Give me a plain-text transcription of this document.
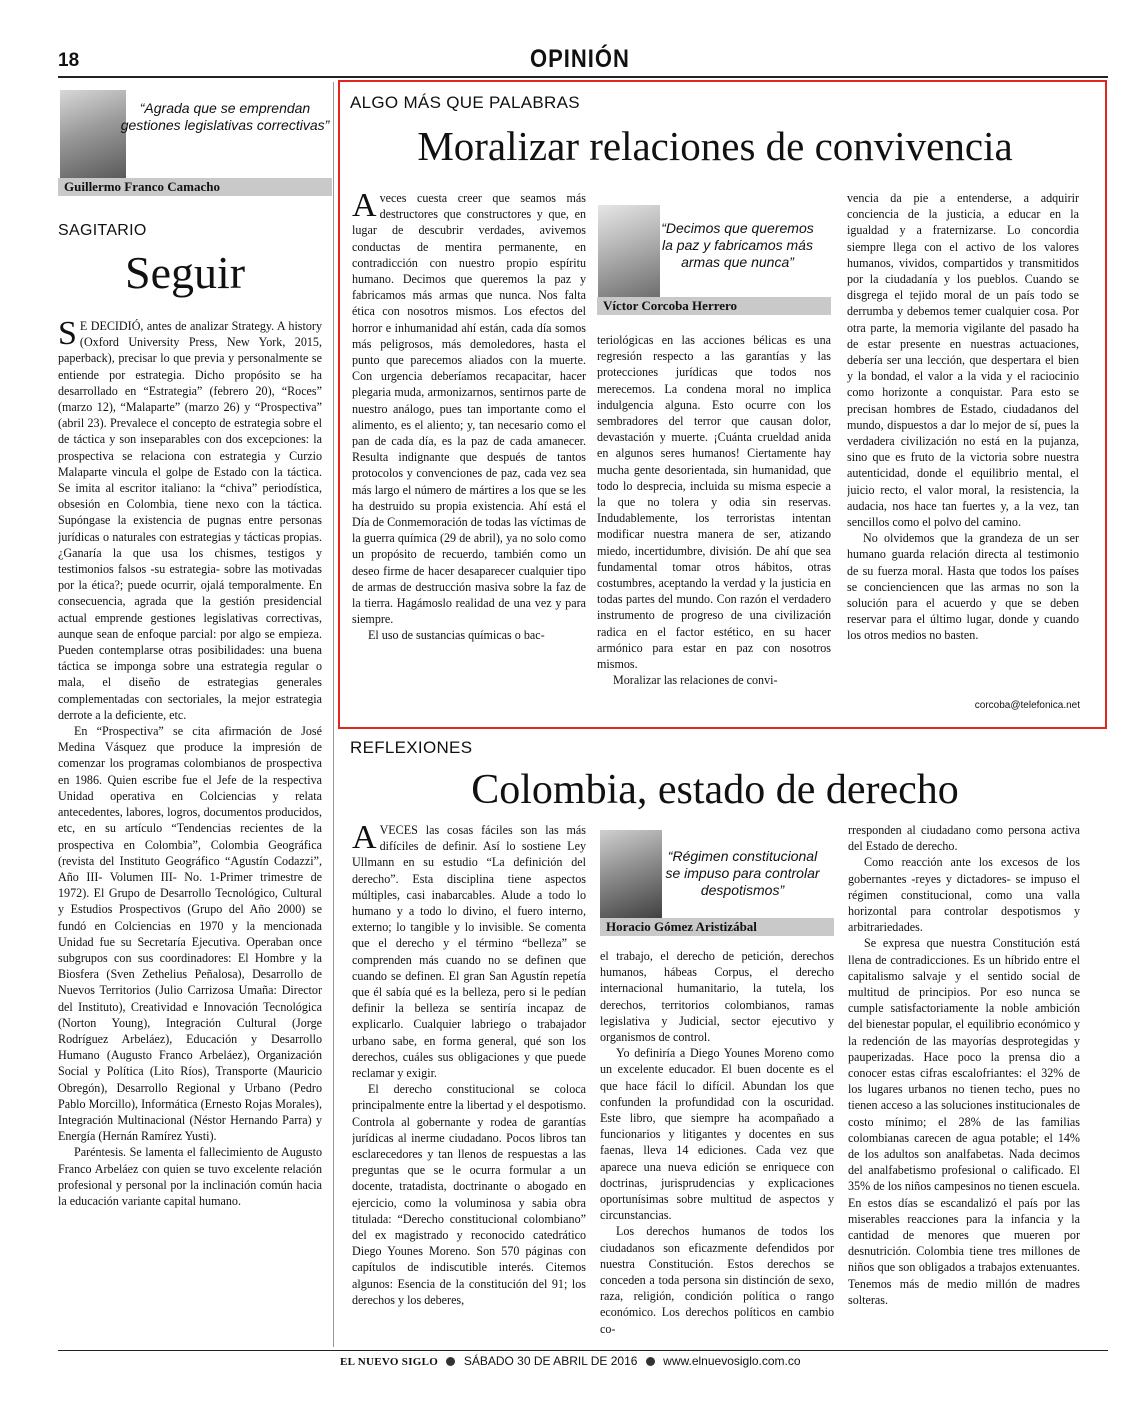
18	OPINIÓN
“Agrada que se emprendan gestiones legislativas correctivas”
Guillermo Franco Camacho
SAGITARIO
Seguir

S E DECIDIÓ, antes de analizar Strategy. A history (Oxford University Press, New York, 2015, paperback), precisar lo que previa y personalmente se entiende por estrategia. Dicho propósito se ha desarrollado en “Estrategia” (febrero 20), “Roces” (marzo 12), “Malaparte” (marzo 26) y “Prospectiva” (abril 23). Prevalece el concepto de estrategia sobre el de táctica y son inseparables con dos excepciones: la prospectiva se relaciona con estrategia y Curzio Malaparte vincula el golpe de Estado con la táctica. Se imita al escritor italiano: la “chiva” periodística, obsesión en Colombia, tiene nexo con la táctica. Supóngase la existencia de pugnas entre personas jurídicas o naturales con estrategias y tácticas propias. ¿Ganaría la que usa los chismes, testigos y testimonios falsos -su estrategia- sobre las motivadas por la ética?; puede ocurrir, ojalá temporalmente. En consecuencia, agrada que la gestión presidencial actual emprende gestiones legislativas correctivas, aunque sean de enfoque parcial: por algo se empieza. Pueden contemplarse otras posibilidades: una buena táctica se imponga sobre una estrategia regular o mala, el diseño de estrategias generales complementadas con sectoriales, la mejor estrategia derrote a la deficiente, etc.

En “Prospectiva” se cita afirmación de José Medina Vásquez que produce la impresión de comenzar los programas colombianos de prospectiva en 1986. Quien escribe fue el Jefe de la respectiva Unidad operativa en Colciencias y relata antecedentes, labores, logros, documentos producidos, etc, en su artículo “Tendencias recientes de la prospectiva en Colombia”, Colombia Geográfica (revista del Instituto Geográfico “Agustín Codazzi”, Año III- Volumen III- No. 1-Primer trimestre de 1972). El Grupo de Desarrollo Tecnológico, Cultural y Estudios Prospectivos (Grupo del Año 2000) se fundó en Colciencias en 1970 y la mencionada Unidad fue su Secretaría Ejecutiva. Operaban once subgrupos con sus coordinadores: El Hombre y la Biosfera (Sven Zethelius Peñalosa), Desarrollo de Nuevos Territorios (Julio Carrizosa Umaña: Director del Instituto), Creatividad e Innovación Tecnológica (Norton Young), Integración Cultural (Jorge Rodríguez Arbeláez), Educación y Desarrollo Humano (Augusto Franco Arbeláez), Organización Social y Política (Lito Ríos), Transporte (Mauricio Obregón), Desarrollo Regional y Urbano (Pedro Pablo Morcillo), Informática (Ernesto Rojas Morales), Integración Multinacional (Néstor Hernando Parra) y Energía (Hernán Ramírez Yusti).

Paréntesis. Se lamenta el fallecimiento de Augusto Franco Arbeláez con quien se tuvo excelente relación profesional y personal por la inclinación común hacia la educación variante capital humano.

ALGO MÁS QUE PALABRAS
Moralizar relaciones de convivencia

Aveces cuesta creer que seamos más destructores que constructores y que, en lugar de descubrir verdades, avivemos conductas de mentira permanente, en contradicción con nuestro propio espíritu humano. Decimos que queremos la paz y fabricamos más armas que nunca. Nos falta ética con nosotros mismos. Los efectos del horror e inhumanidad ahí están, cada día somos más peligrosos, más demoledores, hasta el punto que parecemos aliados con la muerte. Con urgencia deberíamos recapacitar, hacer plegaria muda, armonizarnos, sentirnos parte de nuestro análogo, pues tan importante como el alimento, es el aliento; y, tan necesario como el pan de cada día, es la paz de cada amanecer. Resulta indignante que después de tantos protocolos y convenciones de paz, cada vez sea más largo el número de mártires a los que se les ha destruido su propia existencia. Ahí está el Día de Conmemoración de todas las víctimas de la guerra química (29 de abril), ya no solo como un propósito de recuerdo, también como un deseo firme de hacer desaparecer cualquier tipo de armas de destrucción masiva sobre la faz de la tierra. Hagámoslo realidad de una vez y para siempre.

El uso de sustancias químicas o bac-

“Decimos que queremos la paz y fabricamos más armas que nunca”
Víctor Corcoba Herrero

teriológicas en las acciones bélicas es una regresión respecto a las garantías y las protecciones jurídicas que todos nos merecemos. La condena moral no implica indulgencia alguna. Esto ocurre con los sembradores del terror que causan dolor, devastación y muerte. ¡Cuánta crueldad anida en algunos seres humanos! Ciertamente hay mucha gente desorientada, sin humanidad, que todo lo desprecia, incluida su misma especie a la que no tolera y odia sin reservas. Indudablemente, los terroristas intentan modificar nuestra manera de ser, atizando miedo, incertidumbre, división. De ahí que sea fundamental tomar otros hábitos, otras costumbres, aceptando la verdad y la justicia en todas partes del mundo. Con razón el verdadero instrumento de progreso de una civilización radica en el factor estético, en su hacer armónico para estar en paz con nosotros mismos.

Moralizar las relaciones de convi-

vencia da pie a entenderse, a adquirir conciencia de la justicia, a educar en la igualdad y a fraternizarse. Lo concordia siempre llega con el activo de los valores humanos, vividos, compartidos y transmitidos por la ciudadanía y los pueblos. Cuando se disgrega el tejido moral de un país todo se derrumba y debemos temer cualquier cosa. Por otra parte, la memoria vigilante del pasado ha de estar presente en nuestras actuaciones, debería ser una lección, que despertara el bien y la bondad, el valor a la vida y el raciocinio como horizonte a conquistar. Para esto se precisan hombres de Estado, ciudadanos del mundo, dispuestos a dar lo mejor de sí, pues la verdadera civilización no está en la pujanza, sino que es fruto de la victoria sobre nuestra autenticidad, donde el equilibrio mental, el juicio recto, el valor moral, la resistencia, la audacia, nos hace tan fuertes y, a la vez, tan sencillos como el polvo del camino.

No olvidemos que la grandeza de un ser humano guarda relación directa al testimonio de su fuerza moral. Hasta que todos los países se concienciencen que las armas no son la solución para el acuerdo y que se deben reservar para el último lugar, donde y cuando los otros medios no basten.

corcoba@telefonica.net
REFLEXIONES
Colombia, estado de derecho

AVECES las cosas fáciles son las más difíciles de definir. Así lo sostiene Ley Ullmann en su estudio “La definición del derecho”. Esta disciplina tiene aspectos múltiples, casi inabarcables. Alude a todo lo humano y a todo lo divino, el fuero interno, externo; lo tangible y lo invisible. Se comenta que el derecho y el término “belleza” se comprenden más cuando no se definen que cuando se definen. El gran San Agustín repetía que él sabía qué es la belleza, pero si le pedían definir la belleza se sentiría incapaz de explicarlo. Cualquier labriego o trabajador urbano sabe, en forma general, qué son los derechos, cuáles sus obligaciones y que puede reclamar y exigir.

El derecho constitucional se coloca principalmente entre la libertad y el despotismo. Controla al gobernante y rodea de garantías jurídicas al inerme ciudadano. Pocos libros tan esclarecedores y tan llenos de respuestas a las preguntas que se le ocurra formular a un docente, tratadista, doctrinante o abogado en ejercicio, como la voluminosa y sabia obra titulada: “Derecho constitucional colombiano” del ex magistrado y reconocido catedrático Diego Younes Moreno. Son 570 páginas con capítulos de indiscutible interés. Citemos algunos: Esencia de la constitución del 91; los derechos y los deberes,

“Régimen constitucional se impuso para controlar despotismos”
Horacio Gómez Aristizábal

el trabajo, el derecho de petición, derechos humanos, hábeas Corpus, el derecho internacional humanitario, la tutela, los derechos, territorios colombianos, ramas legislativa y Judicial, sector ejecutivo y organismos de control.

Yo definiría a Diego Younes Moreno como un excelente educador. El buen docente es el que hace fácil lo difícil. Abundan los que confunden la profundidad con la oscuridad. Este libro, que siempre ha acompañado a funcionarios y litigantes y docentes en sus faenas, lleva 14 ediciones. Cada vez que aparece una nueva edición se enriquece con doctrinas, jurisprudencias y explicaciones oportunísimas sobre multitud de aspectos y circunstancias.

Los derechos humanos de todos los ciudadanos son eficazmente defendidos por nuestra Constitución. Estos derechos se conceden a toda persona sin distinción de sexo, raza, religión, condición política o rango económico. Los derechos políticos en cambio co-

rresponden al ciudadano como persona activa del Estado de derecho.

Como reacción ante los excesos de los gobernantes -reyes y dictadores- se impuso el régimen constitucional, como una valla horizontal para controlar despotismos y arbitrariedades.

Se expresa que nuestra Constitución está llena de contradicciones. Es un híbrido entre el capitalismo salvaje y el sentido social de multitud de principios. Por eso nunca se cumple satisfactoriamente la noble ambición del bienestar popular, el equilibrio económico y la redención de las mayorías desprotegidas y pauperizadas. Hace poco la prensa dio a conocer estas cifras escalofriantes: el 32% de los lugares urbanos no tienen techo, pues no tienen acceso a las soluciones institucionales de costo mínimo; el 28% de las familias colombianas carecen de agua potable; el 14% de los adultos son analfabetas. Nada decimos del analfabetismo profesional o calificado. El 35% de los niños campesinos no tienen escuela. En estos días se escandalizó el país por las miserables reacciones para la infancia y la cantidad de menores que mueren por desnutrición. Colombia tiene tres millones de niños que son obligados a trabajos extenuantes. Tenemos más de medio millón de madres solteras.

EL NUEVO SIGLO SÁBADO 30 DE ABRIL DE 2016 www.elnuevosiglo.com.co
